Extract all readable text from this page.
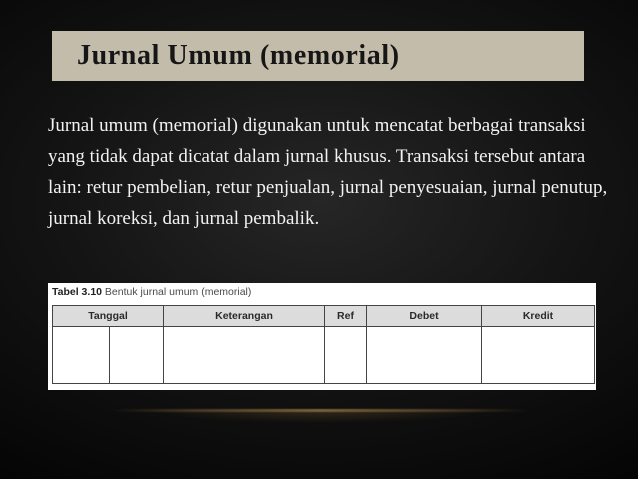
Jurnal Umum (memorial)

Jurnal umum (memorial) digunakan untuk mencatat berbagai transaksi yang tidak dapat dicatat dalam jurnal khusus. Transaksi tersebut antara lain: retur pembelian, retur penjualan, jurnal penyesuaian, jurnal penutup, jurnal koreksi, dan jurnal pembalik.

Tabel 3.10 Bentuk jurnal umum (memorial)
Tanggal		Keterangan	Ref	Debet	Kredit
